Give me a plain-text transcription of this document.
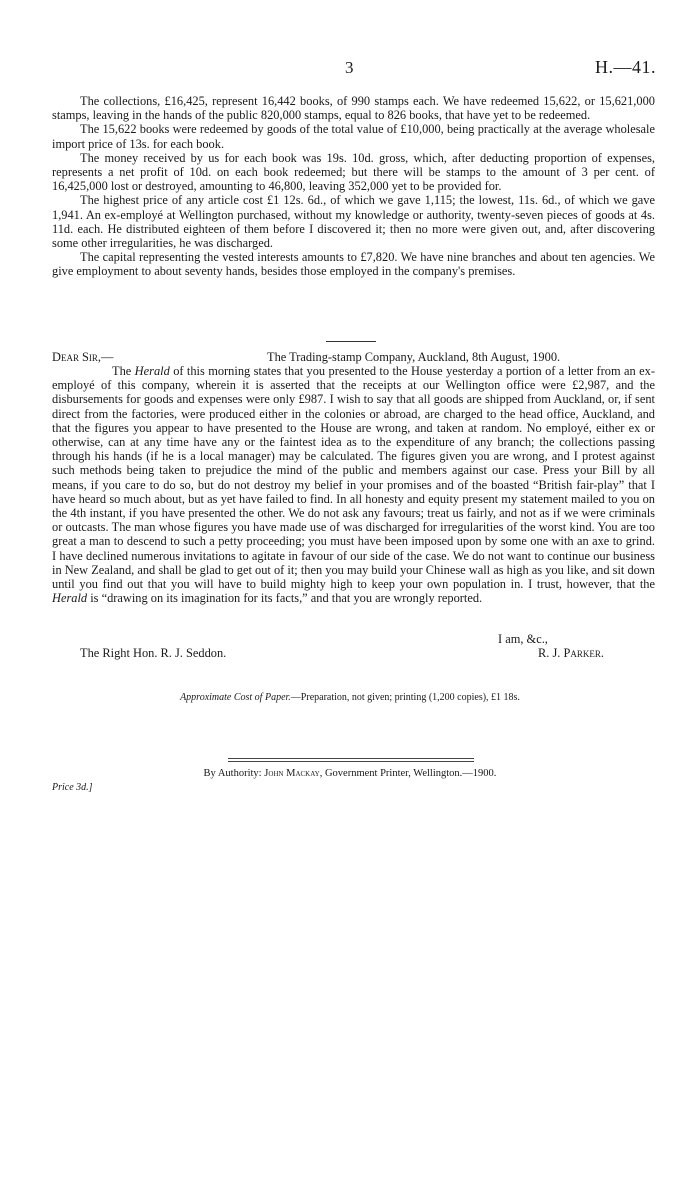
3	H.—41.

The collections, £16,425, represent 16,442 books, of 990 stamps each. We have redeemed 15,622, or 15,621,000 stamps, leaving in the hands of the public 820,000 stamps, equal to 826 books, that have yet to be redeemed.

The 15,622 books were redeemed by goods of the total value of £10,000, being practically at the average wholesale import price of 13s. for each book.

The money received by us for each book was 19s. 10d. gross, which, after deducting proportion of expenses, represents a net profit of 10d. on each book redeemed; but there will be stamps to the amount of 3 per cent. of 16,425,000 lost or destroyed, amounting to 46,800, leaving 352,000 yet to be provided for.

The highest price of any article cost £1 12s. 6d., of which we gave 1,115; the lowest, 11s. 6d., of which we gave 1,941. An ex-employé at Wellington purchased, without my knowledge or authority, twenty-seven pieces of goods at 4s. 11d. each. He distributed eighteen of them before I discovered it; then no more were given out, and, after discovering some other irregularities, he was discharged.

The capital representing the vested interests amounts to £7,820. We have nine branches and about ten agencies. We give employment to about seventy hands, besides those employed in the company's premises.

Dear Sir,—	The Trading-stamp Company, Auckland, 8th August, 1900.

The Herald of this morning states that you presented to the House yesterday a portion of a letter from an ex-employé of this company, wherein it is asserted that the receipts at our Wellington office were £2,987, and the disbursements for goods and expenses were only £987. I wish to say that all goods are shipped from Auckland, or, if sent direct from the factories, were produced either in the colonies or abroad, are charged to the head office, Auckland, and that the figures you appear to have presented to the House are wrong, and taken at random. No employé, either ex or otherwise, can at any time have any or the faintest idea as to the expenditure of any branch; the collections passing through his hands (if he is a local manager) may be calculated. The figures given you are wrong, and I protest against such methods being taken to prejudice the mind of the public and members against our case. Press your Bill by all means, if you care to do so, but do not destroy my belief in your promises and of the boasted “British fair-play” that I have heard so much about, but as yet have failed to find. In all honesty and equity present my statement mailed to you on the 4th instant, if you have presented the other. We do not ask any favours; treat us fairly, and not as if we were criminals or outcasts. The man whose figures you have made use of was discharged for irregularities of the worst kind. You are too great a man to descend to such a petty proceeding; you must have been imposed upon by some one with an axe to grind. I have declined numerous invitations to agitate in favour of our side of the case. We do not want to continue our business in New Zealand, and shall be glad to get out of it; then you may build your Chinese wall as high as you like, and sit down until you find out that you will have to build mighty high to keep your own population in. I trust, however, that the Herald is “drawing on its imagination for its facts,” and that you are wrongly reported.

I am, &c.,
The Right Hon. R. J. Seddon.	R. J. Parker.
Approximate Cost of Paper.—Preparation, not given; printing (1,200 copies), £1 18s.
By Authority: John Mackay, Government Printer, Wellington.—1900.
Price 3d.]
